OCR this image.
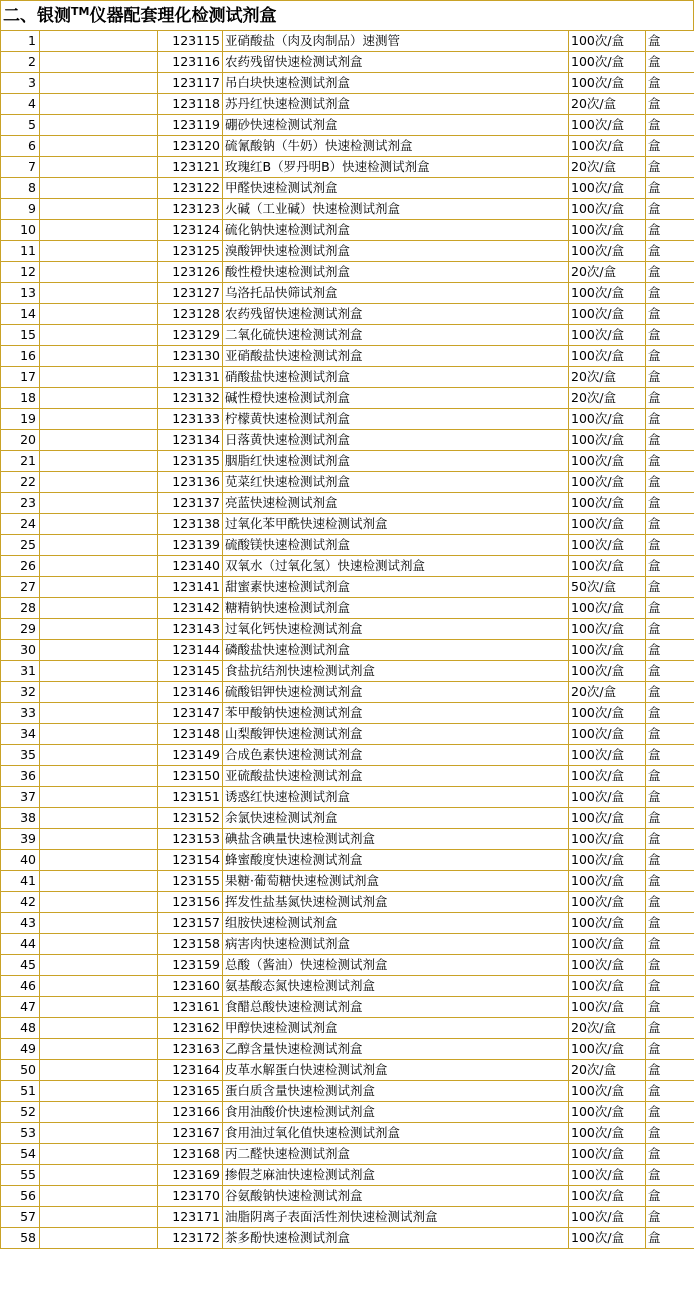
二、银测™仪器配套理化检测试剂盒
1		123115	亚硝酸盐（肉及肉制品）速测管	100次/盒	盒
2		123116	农药残留快速检测试剂盒	100次/盒	盒
3		123117	吊白块快速检测试剂盒	100次/盒	盒
4		123118	苏丹红快速检测试剂盒	20次/盒	盒
5		123119	硼砂快速检测试剂盒	100次/盒	盒
6		123120	硫氰酸钠（牛奶）快速检测试剂盒	100次/盒	盒
7		123121	玫瑰红B（罗丹明B）快速检测试剂盒	20次/盒	盒
8		123122	甲醛快速检测试剂盒	100次/盒	盒
9		123123	火碱（工业碱）快速检测试剂盒	100次/盒	盒
10		123124	硫化钠快速检测试剂盒	100次/盒	盒
11		123125	溴酸钾快速检测试剂盒	100次/盒	盒
12		123126	酸性橙快速检测试剂盒	20次/盒	盒
13		123127	乌洛托品快筛试剂盒	100次/盒	盒
14		123128	农药残留快速检测试剂盒	100次/盒	盒
15		123129	二氧化硫快速检测试剂盒	100次/盒	盒
16		123130	亚硝酸盐快速检测试剂盒	100次/盒	盒
17		123131	硝酸盐快速检测试剂盒	20次/盒	盒
18		123132	碱性橙快速检测试剂盒	20次/盒	盒
19		123133	柠檬黄快速检测试剂盒	100次/盒	盒
20		123134	日落黄快速检测试剂盒	100次/盒	盒
21		123135	胭脂红快速检测试剂盒	100次/盒	盒
22		123136	苋菜红快速检测试剂盒	100次/盒	盒
23		123137	亮蓝快速检测试剂盒	100次/盒	盒
24		123138	过氧化苯甲酰快速检测试剂盒	100次/盒	盒
25		123139	硫酸镁快速检测试剂盒	100次/盒	盒
26		123140	双氧水（过氧化氢）快速检测试剂盒	100次/盒	盒
27		123141	甜蜜素快速检测试剂盒	50次/盒	盒
28		123142	糖精钠快速检测试剂盒	100次/盒	盒
29		123143	过氧化钙快速检测试剂盒	100次/盒	盒
30		123144	磷酸盐快速检测试剂盒	100次/盒	盒
31		123145	食盐抗结剂快速检测试剂盒	100次/盒	盒
32		123146	硫酸铝钾快速检测试剂盒	20次/盒	盒
33		123147	苯甲酸钠快速检测试剂盒	100次/盒	盒
34		123148	山梨酸钾快速检测试剂盒	100次/盒	盒
35		123149	合成色素快速检测试剂盒	100次/盒	盒
36		123150	亚硫酸盐快速检测试剂盒	100次/盒	盒
37		123151	诱惑红快速检测试剂盒	100次/盒	盒
38		123152	余氯快速检测试剂盒	100次/盒	盒
39		123153	碘盐含碘量快速检测试剂盒	100次/盒	盒
40		123154	蜂蜜酸度快速检测试剂盒	100次/盒	盒
41		123155	果糖·葡萄糖快速检测试剂盒	100次/盒	盒
42		123156	挥发性盐基氮快速检测试剂盒	100次/盒	盒
43		123157	组胺快速检测试剂盒	100次/盒	盒
44		123158	病害肉快速检测试剂盒	100次/盒	盒
45		123159	总酸（酱油）快速检测试剂盒	100次/盒	盒
46		123160	氨基酸态氮快速检测试剂盒	100次/盒	盒
47		123161	食醋总酸快速检测试剂盒	100次/盒	盒
48		123162	甲醇快速检测试剂盒	20次/盒	盒
49		123163	乙醇含量快速检测试剂盒	100次/盒	盒
50		123164	皮革水解蛋白快速检测试剂盒	20次/盒	盒
51		123165	蛋白质含量快速检测试剂盒	100次/盒	盒
52		123166	食用油酸价快速检测试剂盒	100次/盒	盒
53		123167	食用油过氧化值快速检测试剂盒	100次/盒	盒
54		123168	丙二醛快速检测试剂盒	100次/盒	盒
55		123169	掺假芝麻油快速检测试剂盒	100次/盒	盒
56		123170	谷氨酸钠快速检测试剂盒	100次/盒	盒
57		123171	油脂阴离子表面活性剂快速检测试剂盒	100次/盒	盒
58		123172	茶多酚快速检测试剂盒	100次/盒	盒
